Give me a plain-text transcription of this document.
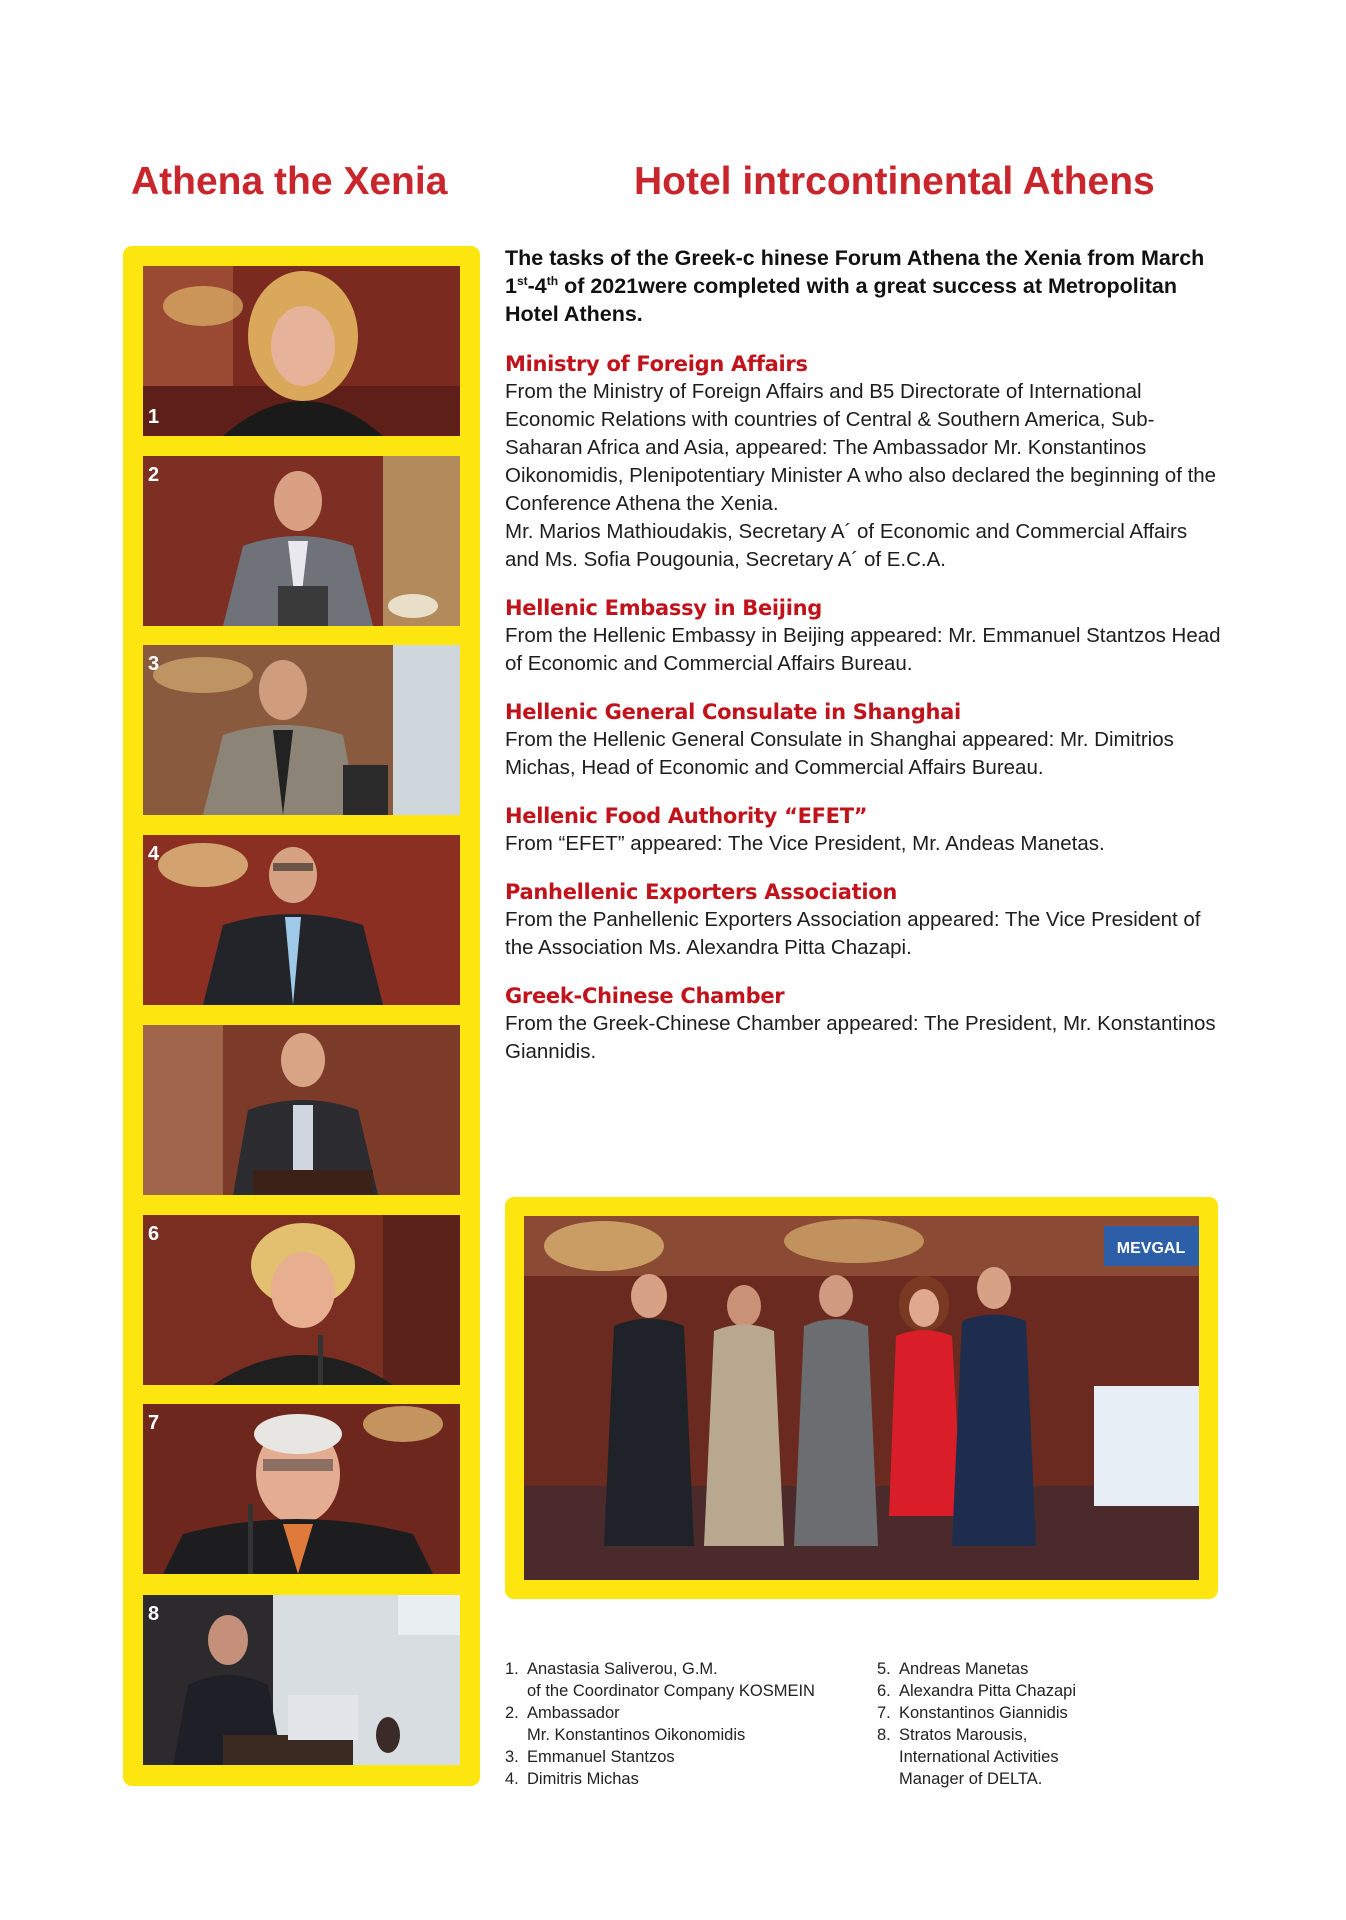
Athena the Xenia	Hotel intrcontinental Athens
1
2
3
4
6
7
8

The tasks of the Greek-c hinese Forum Athena the Xenia from March 1st-4th of 2021were completed with a great success at Metropolitan Hotel Athens.

Ministry of Foreign Affairs

From the Ministry of Foreign Affairs and B5 Directorate of International Economic Relations with countries of Central & Southern America, Sub-Saharan Africa and Asia, appeared: The Ambassador Mr. Konstantinos Oikonomidis, Plenipotentiary Minister A who also declared the beginning of the Conference Athena the Xenia.

Mr. Marios Mathioudakis, Secretary A´ of Economic and Commercial Affairs and Ms. Sofia Pougounia, Secretary A´ of E.C.A.

Hellenic Embassy in Beijing

From the Hellenic Embassy in Beijing appeared: Mr. Emmanuel Stantzos Head of Economic and Commercial Affairs Bureau.

Hellenic General Consulate in Shanghai

From the Hellenic General Consulate in Shanghai appeared: Mr. Dimitrios Michas, Head of Economic and Commercial Affairs Bureau.

Hellenic Food Authority “EFET”

From “EFET” appeared: The Vice President, Mr. Andeas Manetas.

Panhellenic Exporters Association

From the Panhellenic Exporters Association appeared: The Vice President of the Association Ms. Alexandra Pitta Chazapi.

Greek-Chinese Chamber

From the Greek-Chinese Chamber appeared: The President, Mr. Konstantinos Giannidis.

MEVGAL
1. Anastasia Saliverou, G.M.
of the Coordinator Company KOSMEIN
2. Ambassador
Mr. Konstantinos Oikonomidis
3. Emmanuel Stantzos
4. Dimitris Michas
5. Andreas Manetas
6. Alexandra Pitta Chazapi
7. Konstantinos Giannidis
8. Stratos Marousis,
International Activities
Manager of DELTA.
